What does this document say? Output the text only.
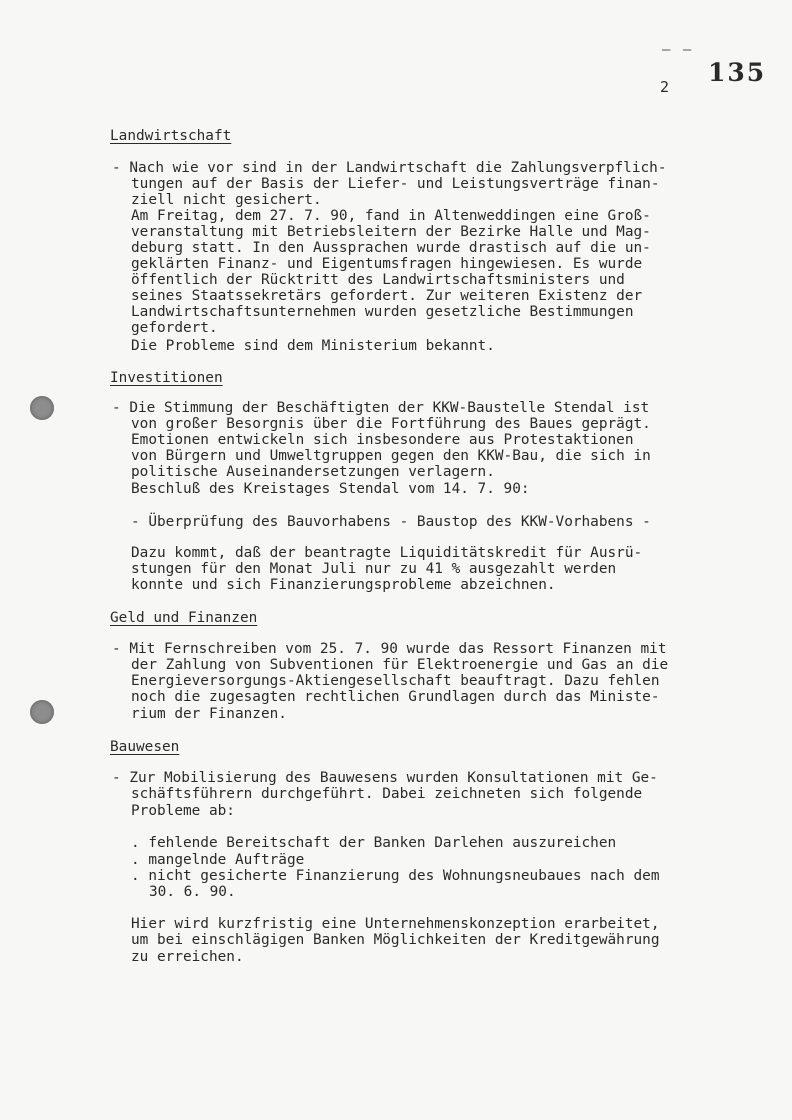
– –
2 135
Landwirtschaft
- Nach wie vor sind in der Landwirtschaft die Zahlungsverpflich-
tungen auf der Basis der Liefer- und Leistungsverträge finan-
ziell nicht gesichert.
Am Freitag, dem 27. 7. 90, fand in Altenweddingen eine Groß-
veranstaltung mit Betriebsleitern der Bezirke Halle und Mag-
deburg statt. In den Aussprachen wurde drastisch auf die un-
geklärten Finanz- und Eigentumsfragen hingewiesen. Es wurde
öffentlich der Rücktritt des Landwirtschaftsministers und
seines Staatssekretärs gefordert. Zur weiteren Existenz der
Landwirtschaftsunternehmen wurden gesetzliche Bestimmungen
gefordert.
Die Probleme sind dem Ministerium bekannt.
Investitionen
- Die Stimmung der Beschäftigten der KKW-Baustelle Stendal ist
von großer Besorgnis über die Fortführung des Baues geprägt.
Emotionen entwickeln sich insbesondere aus Protestaktionen
von Bürgern und Umweltgruppen gegen den KKW-Bau, die sich in
politische Auseinandersetzungen verlagern.
Beschluß des Kreistages Stendal vom 14. 7. 90:
- Überprüfung des Bauvorhabens - Baustop des KKW-Vorhabens -
Dazu kommt, daß der beantragte Liquiditätskredit für Ausrü-
stungen für den Monat Juli nur zu 41 % ausgezahlt werden
konnte und sich Finanzierungsprobleme abzeichnen.
Geld und Finanzen
- Mit Fernschreiben vom 25. 7. 90 wurde das Ressort Finanzen mit
der Zahlung von Subventionen für Elektroenergie und Gas an die
Energieversorgungs-Aktiengesellschaft beauftragt. Dazu fehlen
noch die zugesagten rechtlichen Grundlagen durch das Ministe-
rium der Finanzen.
Bauwesen
- Zur Mobilisierung des Bauwesens wurden Konsultationen mit Ge-
schäftsführern durchgeführt. Dabei zeichneten sich folgende
Probleme ab:
. fehlende Bereitschaft der Banken Darlehen auszureichen
. mangelnde Aufträge
. nicht gesicherte Finanzierung des Wohnungsneubaues nach dem
30. 6. 90.
Hier wird kurzfristig eine Unternehmenskonzeption erarbeitet,
um bei einschlägigen Banken Möglichkeiten der Kreditgewährung
zu erreichen.
